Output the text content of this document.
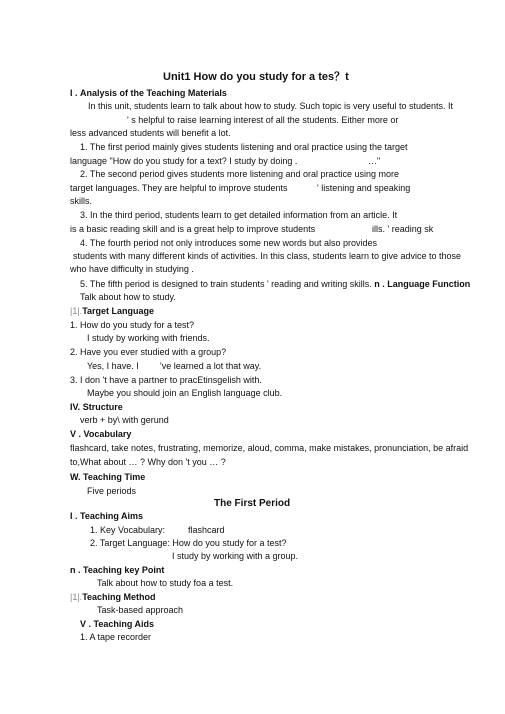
Unit1 How do you study for a tes？t
I . Analysis of the Teaching Materials
In this unit, students learn to talk about how to study. Such topic is very useful to students. It
' s helpful to raise learning interest of all the students. Either more or
less advanced students will benefit a lot.
1. The first period mainly gives students listening and oral practice using the target
language "How do you study for a text? I study by doing .	…"
2. The second period gives students more listening and oral practice using more
target languages. They are helpful to improve students	' listening and speaking
skills.
3. In the third period, students learn to get detailed information from an article. It
is a basic reading skill and is a great help to improve students	ills. ' reading sk
4. The fourth period not only introduces some new words but also provides
students with many different kinds of activities. In this class, students learn to give advice to those
who have difficulty in studying .
5. The fifth period is designed to train students ' reading and writing skills. n . Language Function
Talk about how to study.
|1|.Target Language
1. How do you study for a test?
I study by working with friends.
2. Have you ever studied with a group?
Yes, I have. I 've learned a lot that way.
3. I don 't have a partner to pracEtinsgelish with.
Maybe you should join an English language club.
IV. Structure
verb + by\ with gerund
V . Vocabulary
flashcard, take notes, frustrating, memorize, aloud, comma, make mistakes, pronunciation, be afraid
to,What about … ? Why don 't you … ?
W. Teaching Time
Five periods
The First Period
I . Teaching Aims
1. Key Vocabulary:	flashcard
2. Target Language: How do you study for a test?
I study by working with a group.
n . Teaching key Point
Talk about how to study foa a test.
|1|.Teaching Method
Task-based approach
V . Teaching Aids
1. A tape recorder
